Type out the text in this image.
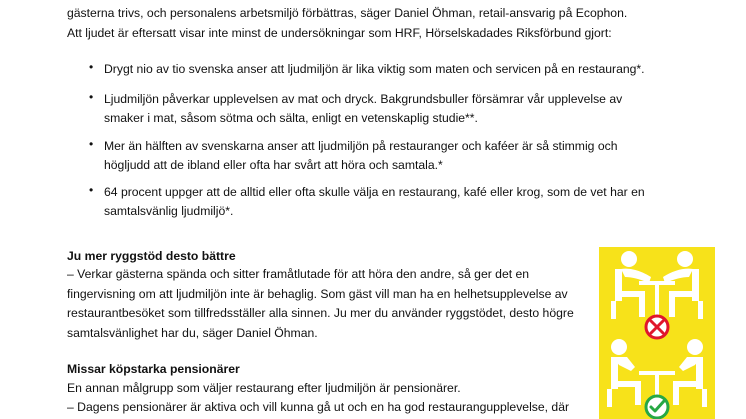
gästerna trivs, och personalens arbetsmiljö förbättras, säger Daniel Öhman, retail-ansvarig på Ecophon.
Att ljudet är eftersatt visar inte minst de undersökningar som HRF, Hörselskadades Riksförbund gjort:
• Drygt nio av tio svenska anser att ljudmiljön är lika viktig som maten och servicen på en restaurang*.
• Ljudmiljön påverkar upplevelsen av mat och dryck. Bakgrundsbuller försämrar vår upplevelse av smaker i mat, såsom sötma och sälta, enligt en vetenskaplig studie**.
• Mer än hälften av svenskarna anser att ljudmiljön på restauranger och kaféer är så stimmig och högljudd att de ibland eller ofta har svårt att höra och samtala.*
• 64 procent uppger att de alltid eller ofta skulle välja en restaurang, kafé eller krog, som de vet har en samtalsvänlig ljudmiljö*.
Ju mer ryggstöd desto bättre
– Verkar gästerna spända och sitter framåtlutade för att höra den andre, så ger det en fingervisning om att ljudmiljön inte är behaglig. Som gäst vill man ha en helhetsupplevelse av restaurantbesöket som tillfredsställer alla sinnen. Ju mer du använder ryggstödet, desto högre samtalsvänlighet har du, säger Daniel Öhman.
Missar köpstarka pensionärer
En annan målgrupp som väljer restaurang efter ljudmiljön är pensionärer.
– Dagens pensionärer är aktiva och vill kunna gå ut och en ha god restaurangupplevelse, där
